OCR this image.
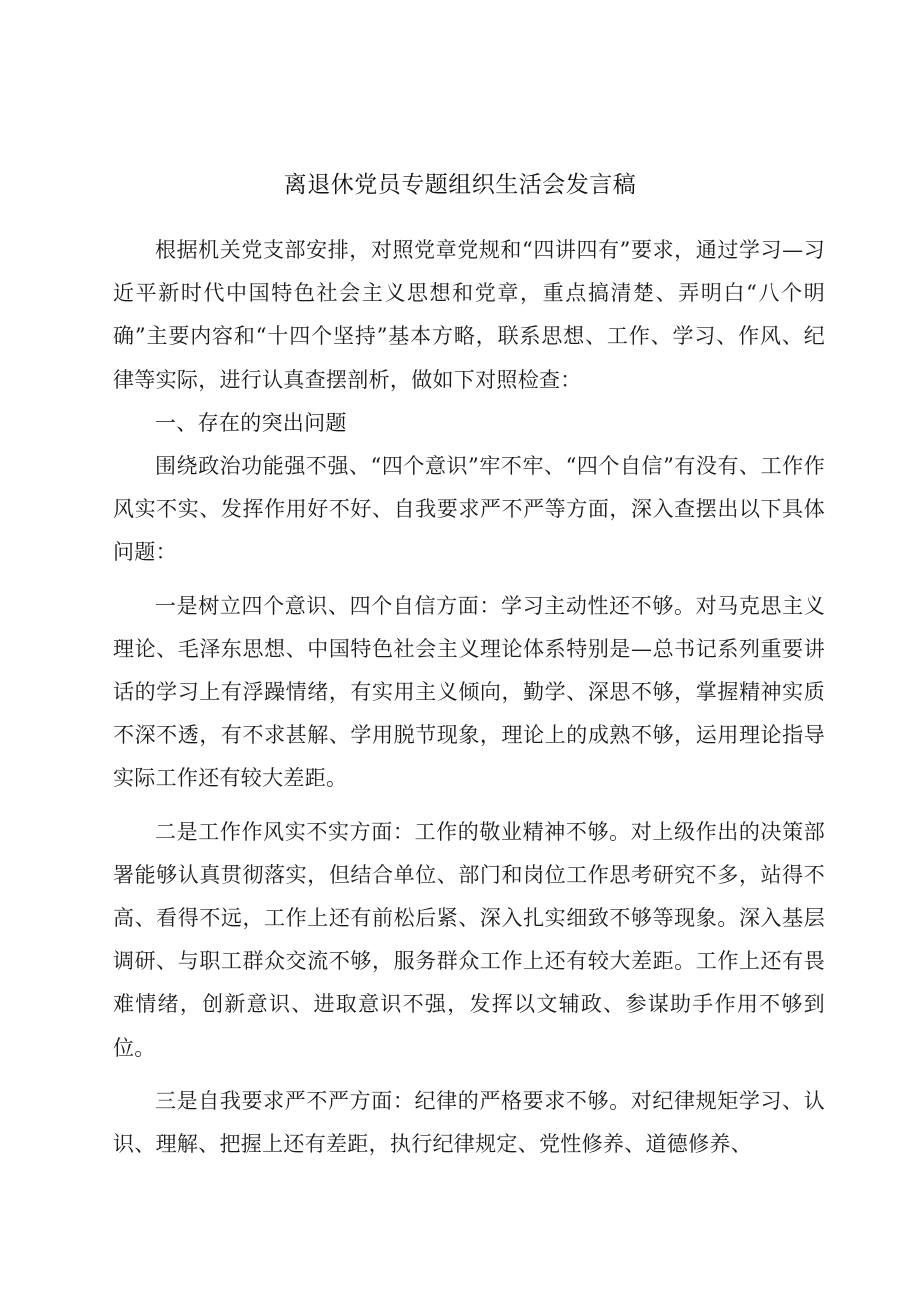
离退休党员专题组织生活会发言稿

根据机关党支部安排，对照党章党规和“四讲四有”要求，通过学习—习近平新时代中国特色社会主义思想和党章，重点搞清楚、弄明白“八个明确”主要内容和“十四个坚持”基本方略，联系思想、工作、学习、作风、纪律等实际，进行认真查摆剖析，做如下对照检查：

一、存在的突出问题

围绕政治功能强不强、“四个意识”牢不牢、“四个自信”有没有、工作作风实不实、发挥作用好不好、自我要求严不严等方面，深入查摆出以下具体问题：

一是树立四个意识、四个自信方面：学习主动性还不够。对马克思主义理论、毛泽东思想、中国特色社会主义理论体系特别是—总书记系列重要讲话的学习上有浮躁情绪，有实用主义倾向，勤学、深思不够，掌握精神实质不深不透，有不求甚解、学用脱节现象，理论上的成熟不够，运用理论指导实际工作还有较大差距。

二是工作作风实不实方面：工作的敬业精神不够。对上级作出的决策部署能够认真贯彻落实，但结合单位、部门和岗位工作思考研究不多，站得不高、看得不远，工作上还有前松后紧、深入扎实细致不够等现象。深入基层调研、与职工群众交流不够，服务群众工作上还有较大差距。工作上还有畏难情绪，创新意识、进取意识不强，发挥以文辅政、参谋助手作用不够到位。

三是自我要求严不严方面：纪律的严格要求不够。对纪律规矩学习、认识、理解、把握上还有差距，执行纪律规定、党性修养、道德修养、
